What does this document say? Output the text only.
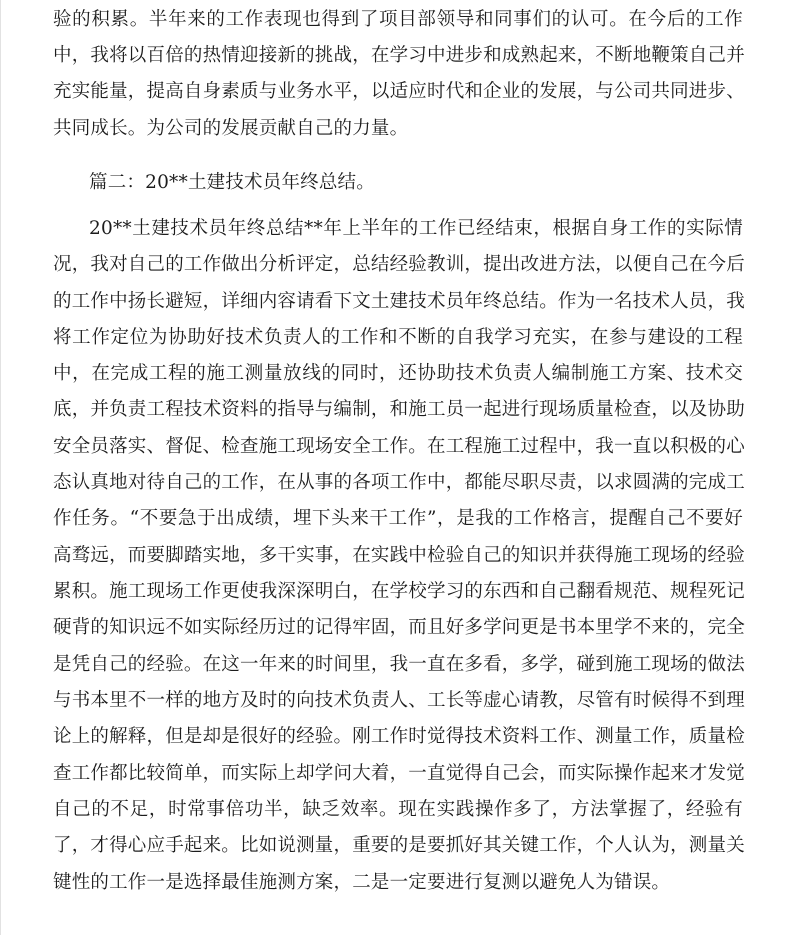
验的积累。半年来的工作表现也得到了项目部领导和同事们的认可。在今后的工作
中，我将以百倍的热情迎接新的挑战，在学习中进步和成熟起来，不断地鞭策自己并
充实能量，提高自身素质与业务水平，以适应时代和企业的发展，与公司共同进步、
共同成长。为公司的发展贡献自己的力量。
篇二：20**土建技术员年终总结。
20**土建技术员年终总结**年上半年的工作已经结束，根据自身工作的实际情
况，我对自己的工作做出分析评定，总结经验教训，提出改进方法，以便自己在今后
的工作中扬长避短，详细内容请看下文土建技术员年终总结。作为一名技术人员，我
将工作定位为协助好技术负责人的工作和不断的自我学习充实，在参与建设的工程
中，在完成工程的施工测量放线的同时，还协助技术负责人编制施工方案、技术交
底，并负责工程技术资料的指导与编制，和施工员一起进行现场质量检查，以及协助
安全员落实、督促、检查施工现场安全工作。在工程施工过程中，我一直以积极的心
态认真地对待自己的工作，在从事的各项工作中，都能尽职尽责，以求圆满的完成工
作任务。“不要急于出成绩，埋下头来干工作”，是我的工作格言，提醒自己不要好
高骛远，而要脚踏实地，多干实事，在实践中检验自己的知识并获得施工现场的经验
累积。施工现场工作更使我深深明白，在学校学习的东西和自己翻看规范、规程死记
硬背的知识远不如实际经历过的记得牢固，而且好多学问更是书本里学不来的，完全
是凭自己的经验。在这一年来的时间里，我一直在多看，多学，碰到施工现场的做法
与书本里不一样的地方及时的向技术负责人、工长等虚心请教，尽管有时候得不到理
论上的解释，但是却是很好的经验。刚工作时觉得技术资料工作、测量工作，质量检
查工作都比较简单，而实际上却学问大着，一直觉得自己会，而实际操作起来才发觉
自己的不足，时常事倍功半，缺乏效率。现在实践操作多了，方法掌握了，经验有
了，才得心应手起来。比如说测量，重要的是要抓好其关键工作，个人认为，测量关
键性的工作一是选择最佳施测方案，二是一定要进行复测以避免人为错误。
